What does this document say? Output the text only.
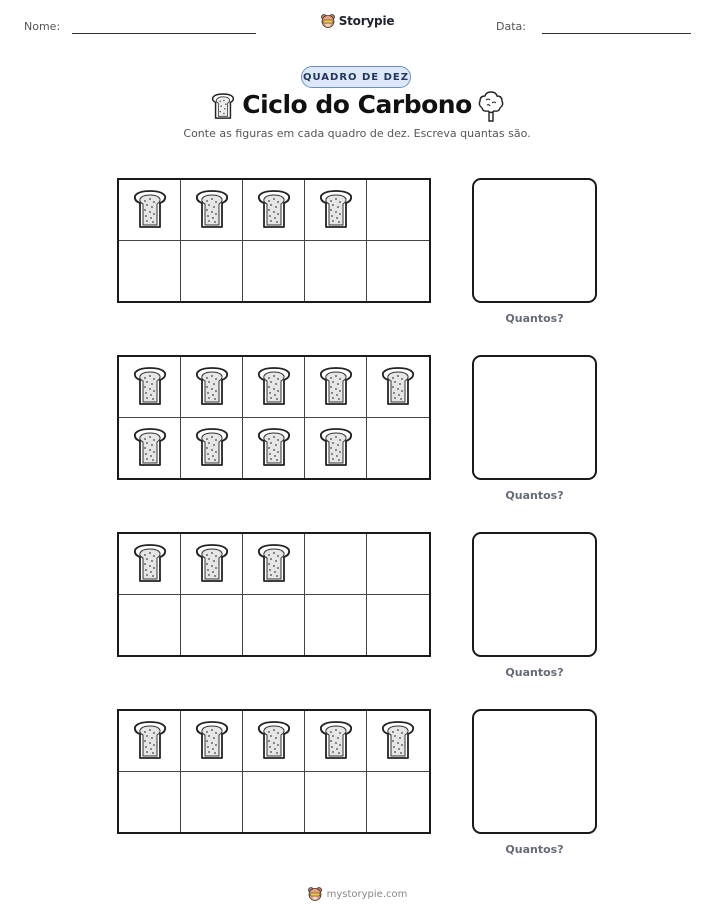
Nome:	Storypie	Data:
QUADRO DE DEZ
Ciclo do Carbono
Conte as figuras em cada quadro de dez. Escreva quantas são.
Quantos?
Quantos?
Quantos?
Quantos?
mystorypie.com
